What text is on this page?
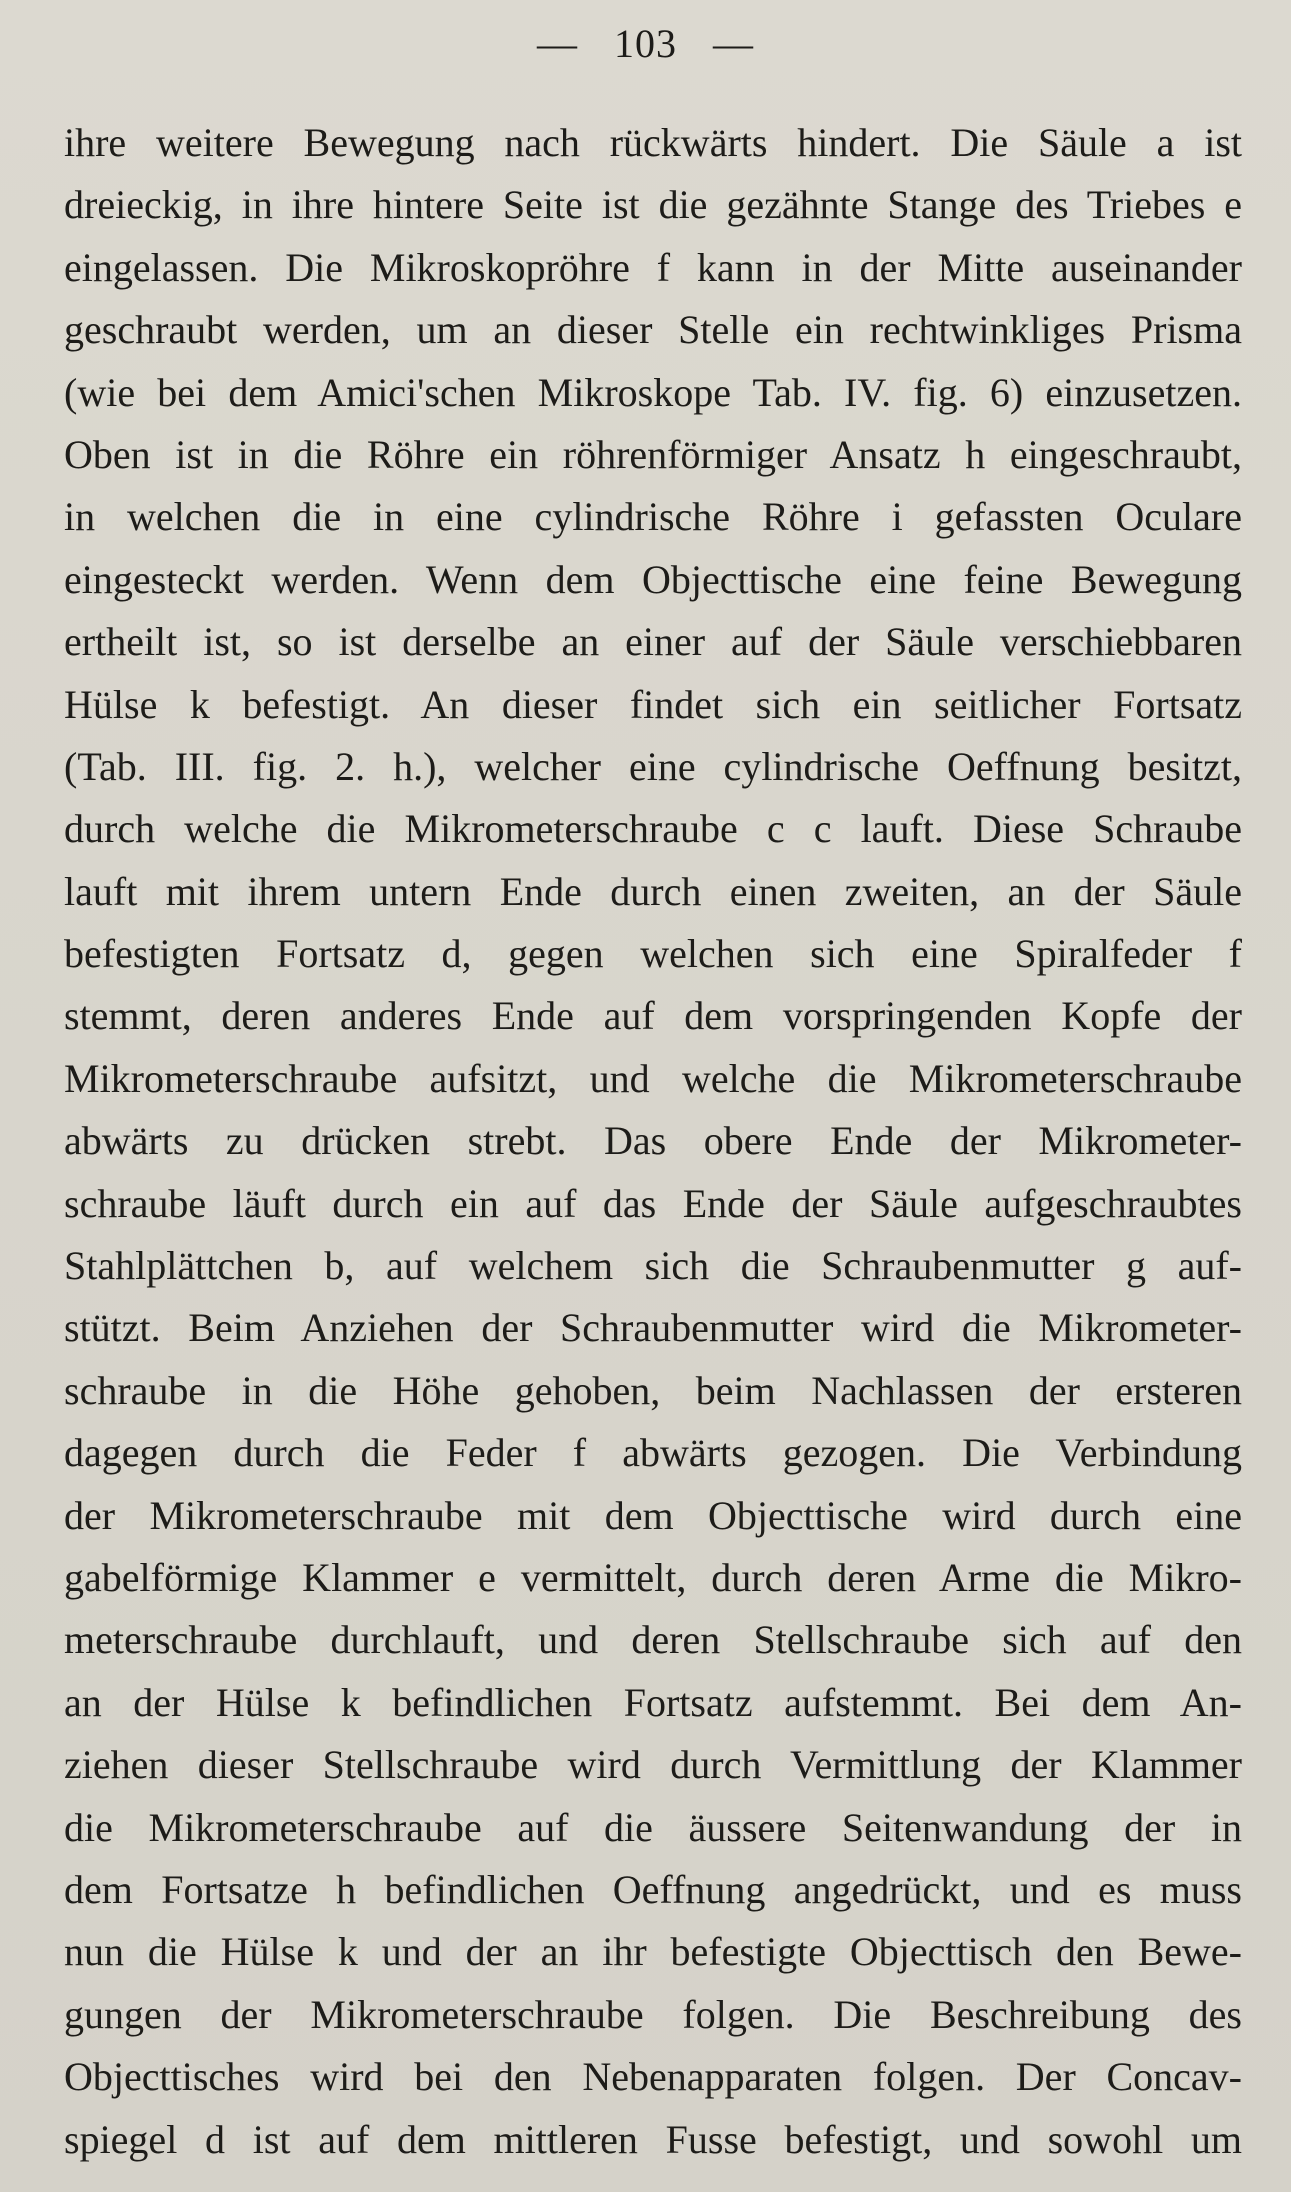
— 103 —
ihre weitere Bewegung nach rückwärts hindert. Die Säule a ist
dreieckig, in ihre hintere Seite ist die gezähnte Stange des Triebes e
eingelassen. Die Mikroskopröhre f kann in der Mitte auseinander
geschraubt werden, um an dieser Stelle ein rechtwinkliges Prisma
(wie bei dem Amici'schen Mikroskope Tab. IV. fig. 6) einzusetzen.
Oben ist in die Röhre ein röhrenförmiger Ansatz h eingeschraubt,
in welchen die in eine cylindrische Röhre i gefassten Oculare
eingesteckt werden. Wenn dem Objecttische eine feine Bewegung
ertheilt ist, so ist derselbe an einer auf der Säule verschiebbaren
Hülse k befestigt. An dieser findet sich ein seitlicher Fortsatz
(Tab. III. fig. 2. h.), welcher eine cylindrische Oeffnung besitzt,
durch welche die Mikrometerschraube c c lauft. Diese Schraube
lauft mit ihrem untern Ende durch einen zweiten, an der Säule
befestigten Fortsatz d, gegen welchen sich eine Spiralfeder f
stemmt, deren anderes Ende auf dem vorspringenden Kopfe der
Mikrometerschraube aufsitzt, und welche die Mikrometerschraube
abwärts zu drücken strebt. Das obere Ende der Mikrometer-
schraube läuft durch ein auf das Ende der Säule aufgeschraubtes
Stahlplättchen b, auf welchem sich die Schraubenmutter g auf-
stützt. Beim Anziehen der Schraubenmutter wird die Mikrometer-
schraube in die Höhe gehoben, beim Nachlassen der ersteren
dagegen durch die Feder f abwärts gezogen. Die Verbindung
der Mikrometerschraube mit dem Objecttische wird durch eine
gabelförmige Klammer e vermittelt, durch deren Arme die Mikro-
meterschraube durchlauft, und deren Stellschraube sich auf den
an der Hülse k befindlichen Fortsatz aufstemmt. Bei dem An-
ziehen dieser Stellschraube wird durch Vermittlung der Klammer
die Mikrometerschraube auf die äussere Seitenwandung der in
dem Fortsatze h befindlichen Oeffnung angedrückt, und es muss
nun die Hülse k und der an ihr befestigte Objecttisch den Bewe-
gungen der Mikrometerschraube folgen. Die Beschreibung des
Objecttisches wird bei den Nebenapparaten folgen. Der Concav-
spiegel d ist auf dem mittleren Fusse befestigt, und sowohl um
